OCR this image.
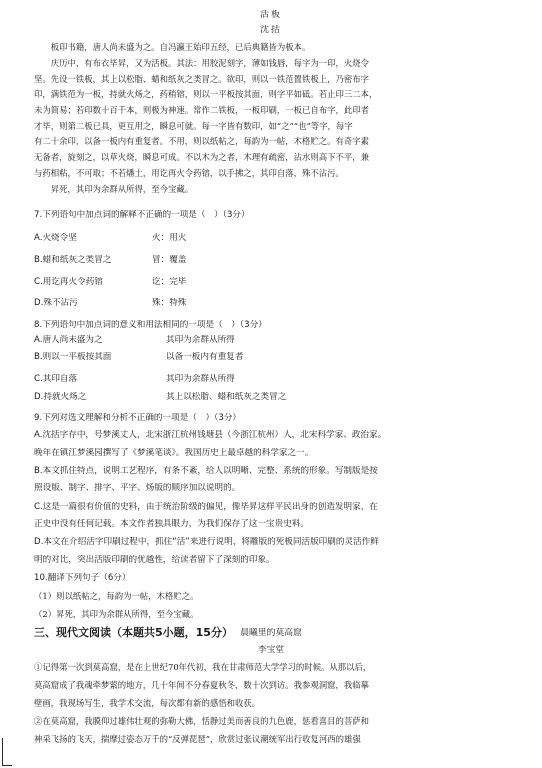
活板
沈括
　　板印书籍，唐人尚未盛为之。自冯瀛王始印五经，已后典籍皆为板本。
　　庆历中，有布衣毕昇，又为活板。其法：用胶泥刻字，薄如钱唇，每字为一印，火烧令
坚。先设一铁板，其上以松脂、蜡和纸灰之类冒之。欲印，则以一铁范置铁板上，乃密布字
印，满铁范为一板，持就火炀之，药稍镕，则以一平板按其面，则字平如砥。若止印三二本，
未为简易；若印数十百千本，则极为神速。常作二铁板，一板印刷，一板已自布字，此印者
才毕，则第二板已具，更互用之，瞬息可就。每一字皆有数印，如“之”“也”等字，每字
有二十余印，以备一板内有重复者。不用，则以纸帖之，每韵为一帖，木格贮之。有奇字素
无备者，旋刻之，以草火烧，瞬息可成。不以木为之者，木理有疏密，沾水则高下不平，兼
与药相粘，不可取；不若燔土，用讫再火令药镕，以手拂之，其印自落，殊不沾污。
　　昇死，其印为余群从所得，至今宝藏。
7.下列语句中加点词的解释不正确的一项是（　）（3分）
A.火烧令坚	火：用火
B.蜡和纸灰之类冒之	冒：覆盖
C.用讫再火令药镕	讫：完毕
D.殊不沾污	殊：特殊
8.下列语句中加点词的意义和用法相同的一项是（　）（3分）
A.唐人尚未盛为之	其印为余群从所得
B.则以一平板按其面	以备一板内有重复者
C.其印自落	其印为余群从所得
D.持就火炀之	其上以松脂、蜡和纸灰之类冒之
9.下列对选文理解和分析不正确的一项是（　）（3分）
A.沈括字存中，号梦溪丈人，北宋浙江杭州钱塘县（今浙江杭州）人，北宋科学家、政治家。
晚年在镇江梦溪园撰写了《梦溪笔谈》。我国历史上最卓越的科学家之一。
B.本文抓住特点，说明工艺程序，有条不紊，给人以明晰、完整、系统的形象。写制版是按
照设版、制字、排字、平字、炀版的顺序加以说明的。
C.这是一篇很有价值的史料，由于统治阶级的偏见，像毕昇这样平民出身的创造发明家，在
正史中没有任何记载。本文作者独具眼力，为我们保存了这一宝贵史料。
D.本文在介绍活字印刷过程中，抓住“活”来进行说明，将雕版的死板同活版印刷的灵活作鲜
明的对比，突出活版印刷的优越性，给读者留下了深刻的印象。
10.翻译下列句子（6分）
（1）则以纸帖之，每韵为一帖，木格贮之。
（2）昇死，其印为余群从所得，至今宝藏。
三、现代文阅读（本题共5小题，15分） 晨曦里的莫高窟
李宝堂
①记得第一次到莫高窟，是在上世纪70年代初，我在甘肃师范大学学习的时候。从那以后，
莫高窟成了我魂牵梦萦的地方，几十年间不分春夏秋冬，数十次到访。我参观洞窟，我临摹
壁画，我现场写生，我学术交流，每次都有新的感悟和收获。
②在莫高窟，我膜仰过雄伟壮观的弥勒大佛，恬静过美而善良的九色鹿，惩看喜目的菩萨和
神采飞扬的飞天，揣摩过姿态万千的“反弹琵琶”，欣赏过张议潮统军出行收复河西的雄强
